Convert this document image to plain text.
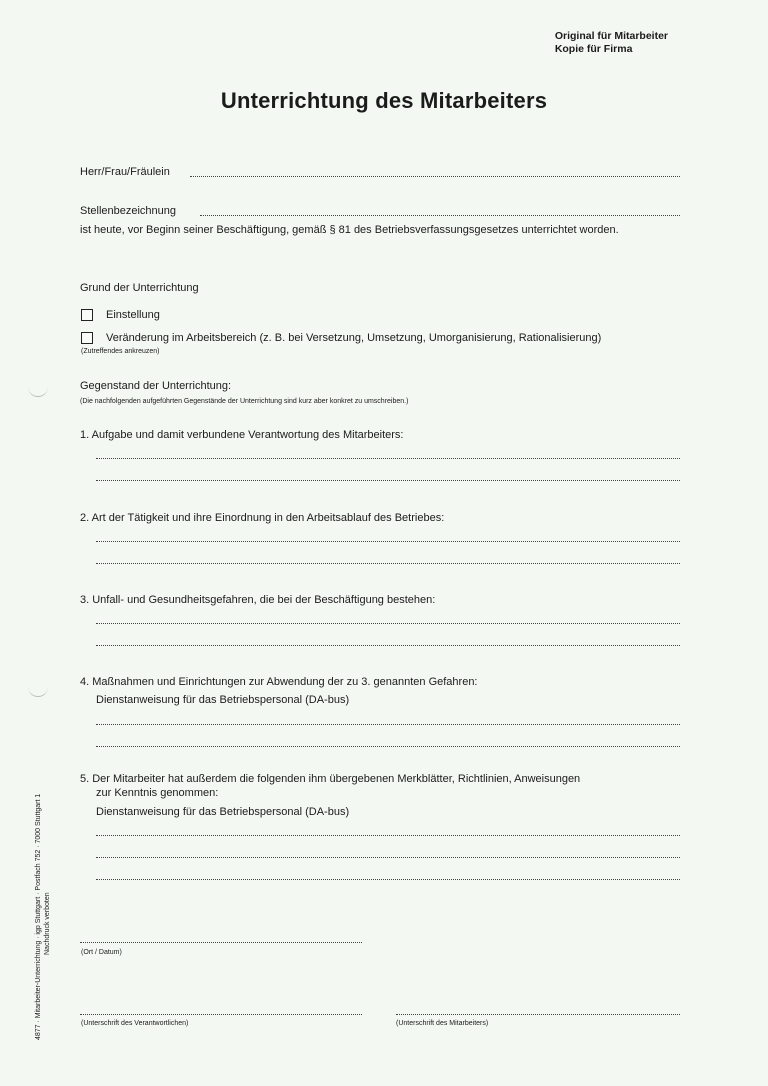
Original für Mitarbeiter
Kopie für Firma
Unterrichtung des Mitarbeiters
Herr/Frau/Fräulein
Stellenbezeichnung
ist heute, vor Beginn seiner Beschäftigung, gemäß § 81 des Betriebsverfassungsgesetzes unterrichtet worden.
Grund der Unterrichtung
Einstellung
Veränderung im Arbeitsbereich (z. B. bei Versetzung, Umsetzung, Umorganisierung, Rationalisierung)
(Zutreffendes ankreuzen)
Gegenstand der Unterrichtung:
(Die nachfolgenden aufgeführten Gegenstände der Unterrichtung sind kurz aber konkret zu umschreiben.)
1. Aufgabe und damit verbundene Verantwortung des Mitarbeiters:
2. Art der Tätigkeit und ihre Einordnung in den Arbeitsablauf des Betriebes:
3. Unfall- und Gesundheitsgefahren, die bei der Beschäftigung bestehen:
4. Maßnahmen und Einrichtungen zur Abwendung der zu 3. genannten Gefahren:
Dienstanweisung für das Betriebspersonal (DA-bus)
5. Der Mitarbeiter hat außerdem die folgenden ihm übergebenen Merkblätter, Richtlinien, Anweisungen
zur Kenntnis genommen:
Dienstanweisung für das Betriebspersonal (DA-bus)
(Ort / Datum)
(Unterschrift des Verantwortlichen)	(Unterschrift des Mitarbeiters)
4877 · Mitarbeiter-Unterrichtung · igp Stuttgart · Postfach 752 · 7000 Stuttgart 1 Nachdruck verboten
